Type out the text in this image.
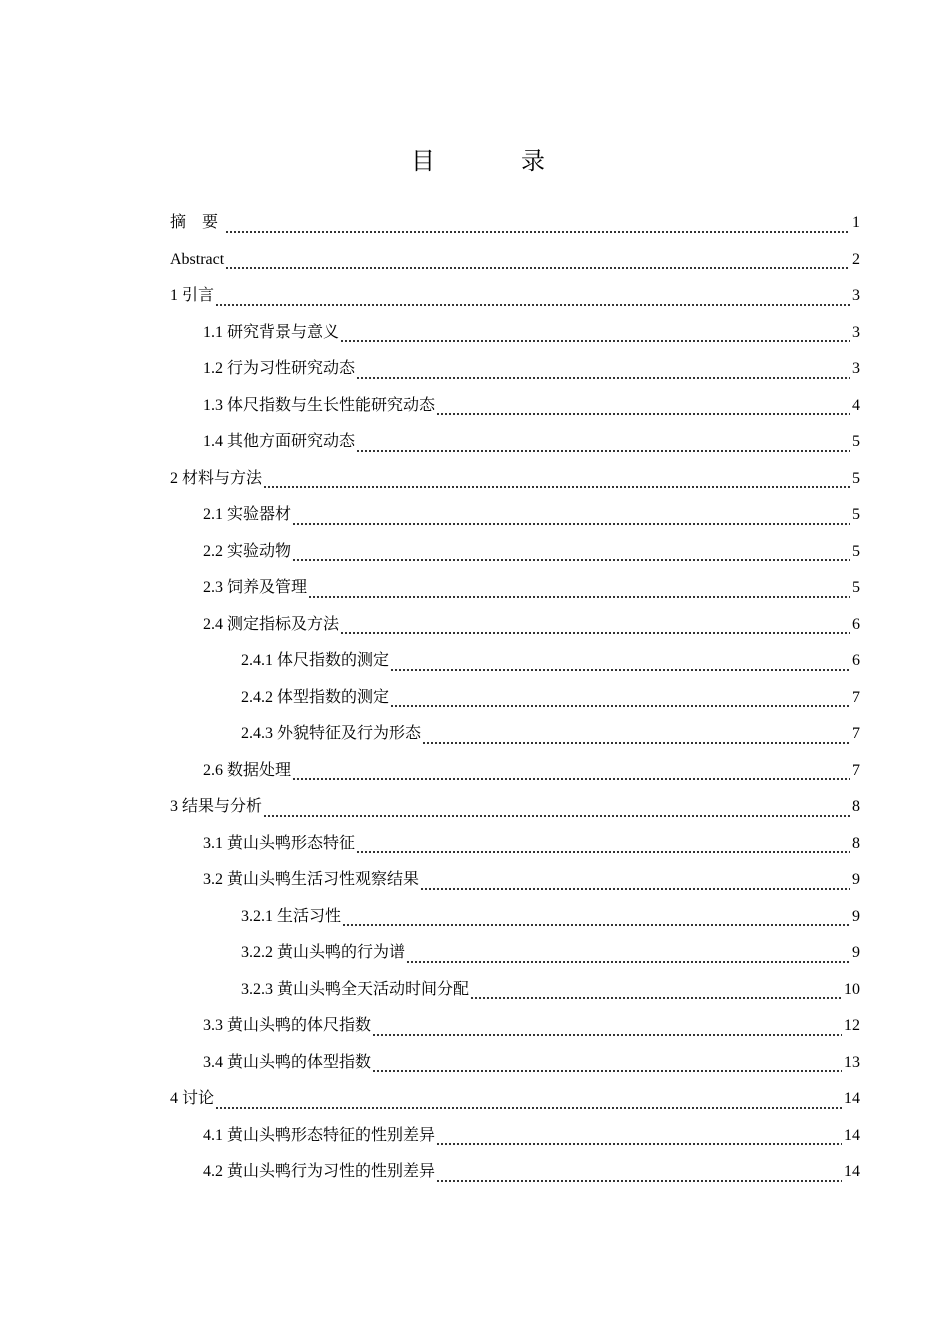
目 录
摘 要	1
Abstract	2
1 引言	3
1.1 研究背景与意义	3
1.2 行为习性研究动态	3
1.3 体尺指数与生长性能研究动态	4
1.4 其他方面研究动态	5
2 材料与方法	5
2.1 实验器材	5
2.2 实验动物	5
2.3 饲养及管理	5
2.4 测定指标及方法	6
2.4.1 体尺指数的测定	6
2.4.2 体型指数的测定	7
2.4.3 外貌特征及行为形态	7
2.6 数据处理	7
3 结果与分析	8
3.1 黄山头鸭形态特征	8
3.2 黄山头鸭生活习性观察结果	9
3.2.1 生活习性	9
3.2.2 黄山头鸭的行为谱	9
3.2.3 黄山头鸭全天活动时间分配	10
3.3 黄山头鸭的体尺指数	12
3.4 黄山头鸭的体型指数	13
4 讨论	14
4.1 黄山头鸭形态特征的性别差异	14
4.2 黄山头鸭行为习性的性别差异	14
